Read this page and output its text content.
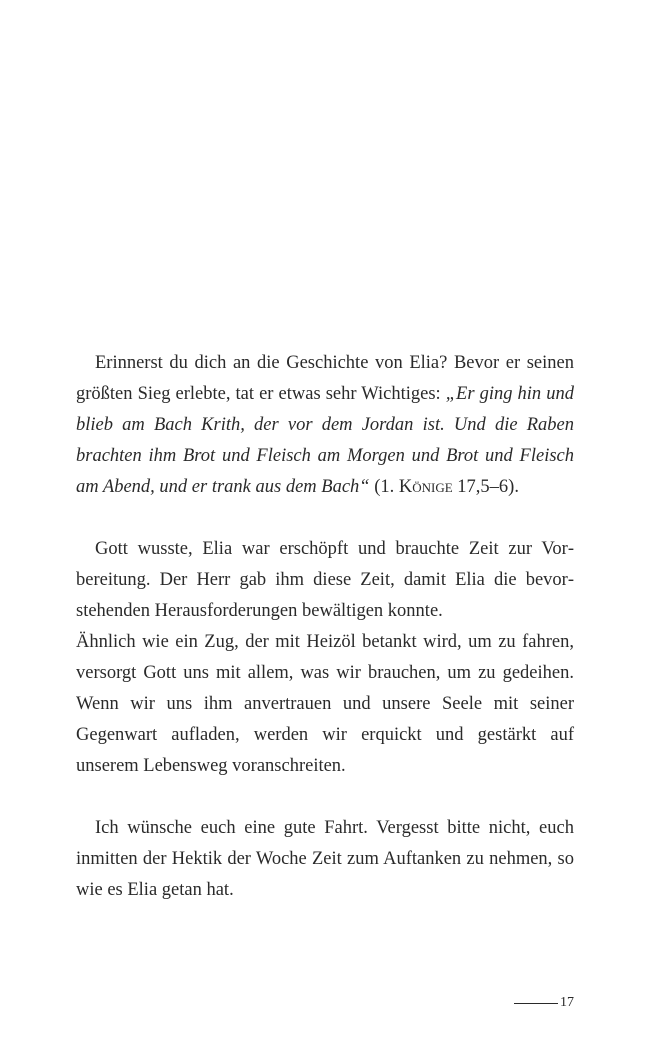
Erinnerst du dich an die Geschichte von Elia? Bevor er seinen größten Sieg erlebte, tat er etwas sehr Wichtiges: „Er ging hin und blieb am Bach Krith, der vor dem Jordan ist. Und die Raben brachten ihm Brot und Fleisch am Morgen und Brot und Fleisch am Abend, und er trank aus dem Bach“ (1. Könige 17,5–6).

Gott wusste, Elia war erschöpft und brauchte Zeit zur Vorbereitung. Der Herr gab ihm diese Zeit, damit Elia die bevorstehenden Herausforderungen bewältigen konnte.

Ähnlich wie ein Zug, der mit Heizöl betankt wird, um zu fahren, versorgt Gott uns mit allem, was wir brauchen, um zu gedeihen. Wenn wir uns ihm anvertrauen und unsere Seele mit seiner Gegenwart aufladen, werden wir erquickt und gestärkt auf unserem Lebensweg voranschreiten.

Ich wünsche euch eine gute Fahrt. Vergesst bitte nicht, euch inmitten der Hektik der Woche Zeit zum Auftanken zu nehmen, so wie es Elia getan hat.

17
